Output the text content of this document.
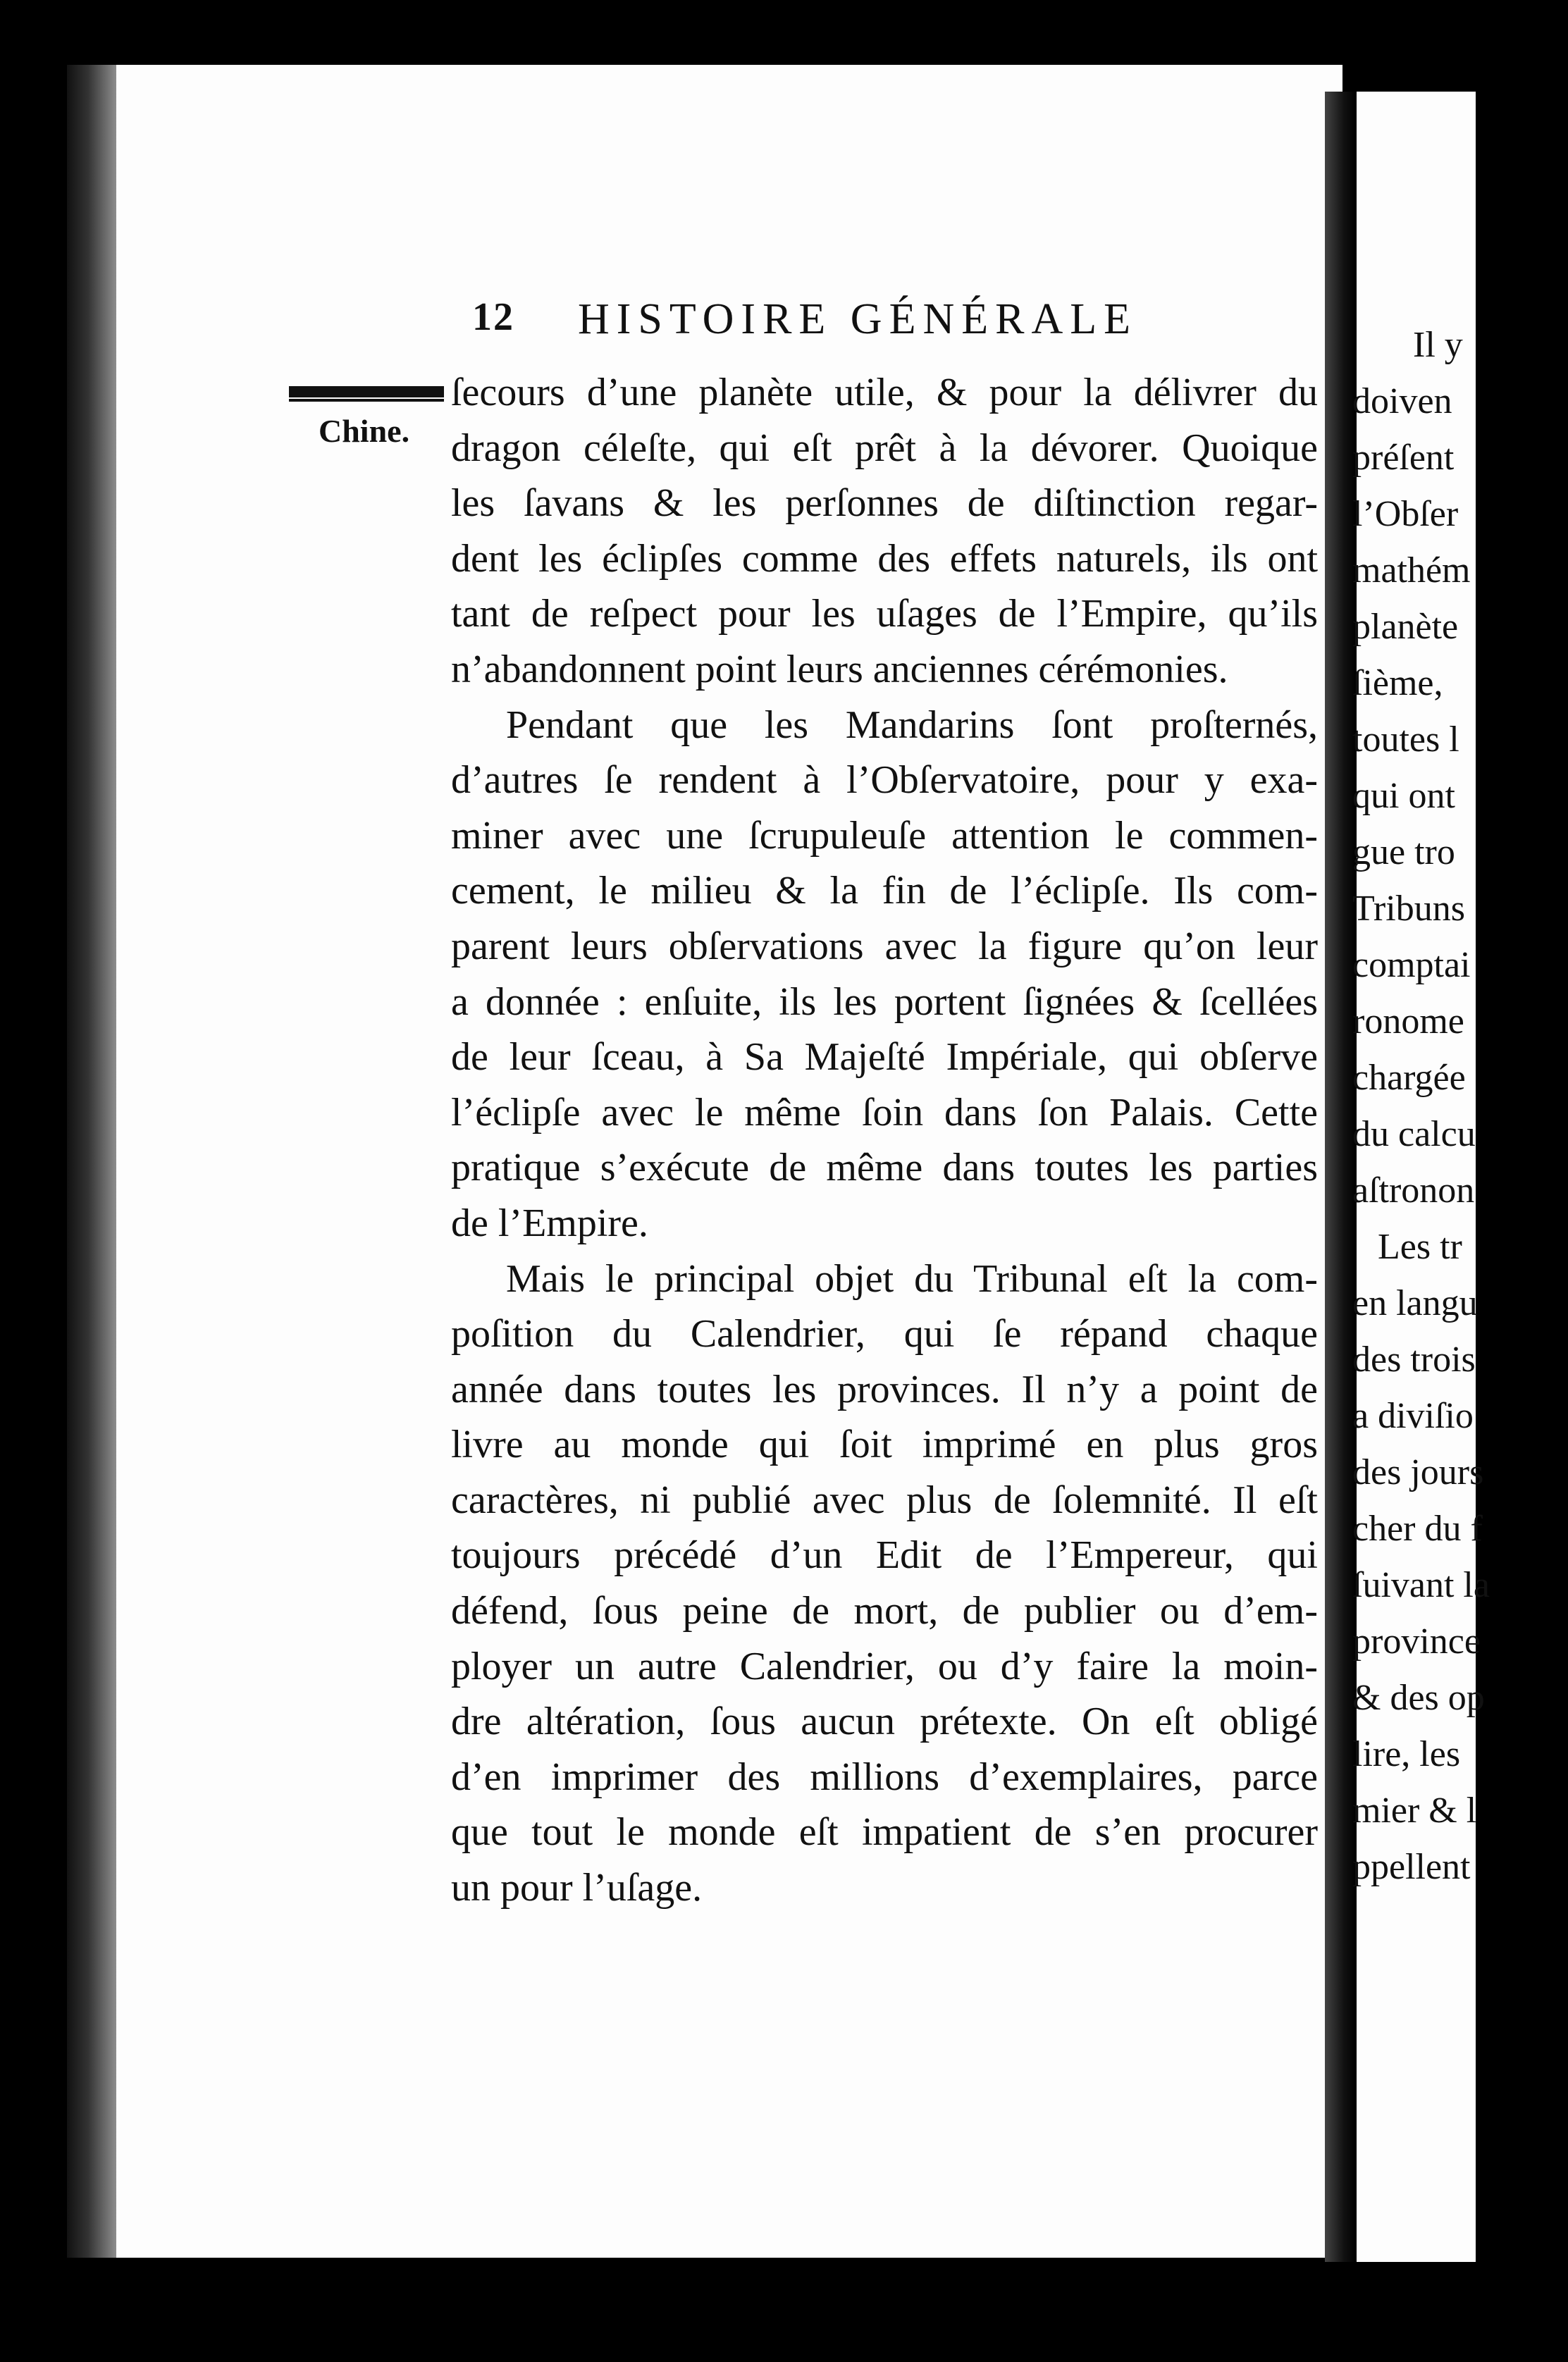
Il y
doiven
préſent
l’Obſer
mathém
planète
ſième,
toutes l
qui ont
gue tro
Tribuns
comptai
ronome
chargée
du calcu
aſtronon
Les tr
en langu
des trois
a diviſio
des jours
cher du f
ſuivant la
province
& des op
lire, les
mier & l
ppellent
12 HISTOIRE GÉNÉRALE
Chine.
ſecours d’une planète utile, & pour la délivrer du
dragon céleſte, qui eſt prêt à la dévorer. Quoique
les ſavans & les perſonnes de diſtinction regar-
dent les éclipſes comme des effets naturels, ils ont
tant de reſpect pour les uſages de l’Empire, qu’ils
n’abandonnent point leurs anciennes cérémonies.
Pendant que les Mandarins ſont proſternés,
d’autres ſe rendent à l’Obſervatoire, pour y exa-
miner avec une ſcrupuleuſe attention le commen-
cement, le milieu & la fin de l’éclipſe. Ils com-
parent leurs obſervations avec la figure qu’on leur
a donnée : enſuite, ils les portent ſignées & ſcellées
de leur ſceau, à Sa Majeſté Impériale, qui obſerve
l’éclipſe avec le même ſoin dans ſon Palais. Cette
pratique s’exécute de même dans toutes les parties
de l’Empire.
Mais le principal objet du Tribunal eſt la com-
poſition du Calendrier, qui ſe répand chaque
année dans toutes les provinces. Il n’y a point de
livre au monde qui ſoit imprimé en plus gros
caractères, ni publié avec plus de ſolemnité. Il eſt
toujours précédé d’un Edit de l’Empereur, qui
défend, ſous peine de mort, de publier ou d’em-
ployer un autre Calendrier, ou d’y faire la moin-
dre altération, ſous aucun prétexte. On eſt obligé
d’en imprimer des millions d’exemplaires, parce
que tout le monde eſt impatient de s’en procurer
un pour l’uſage.
